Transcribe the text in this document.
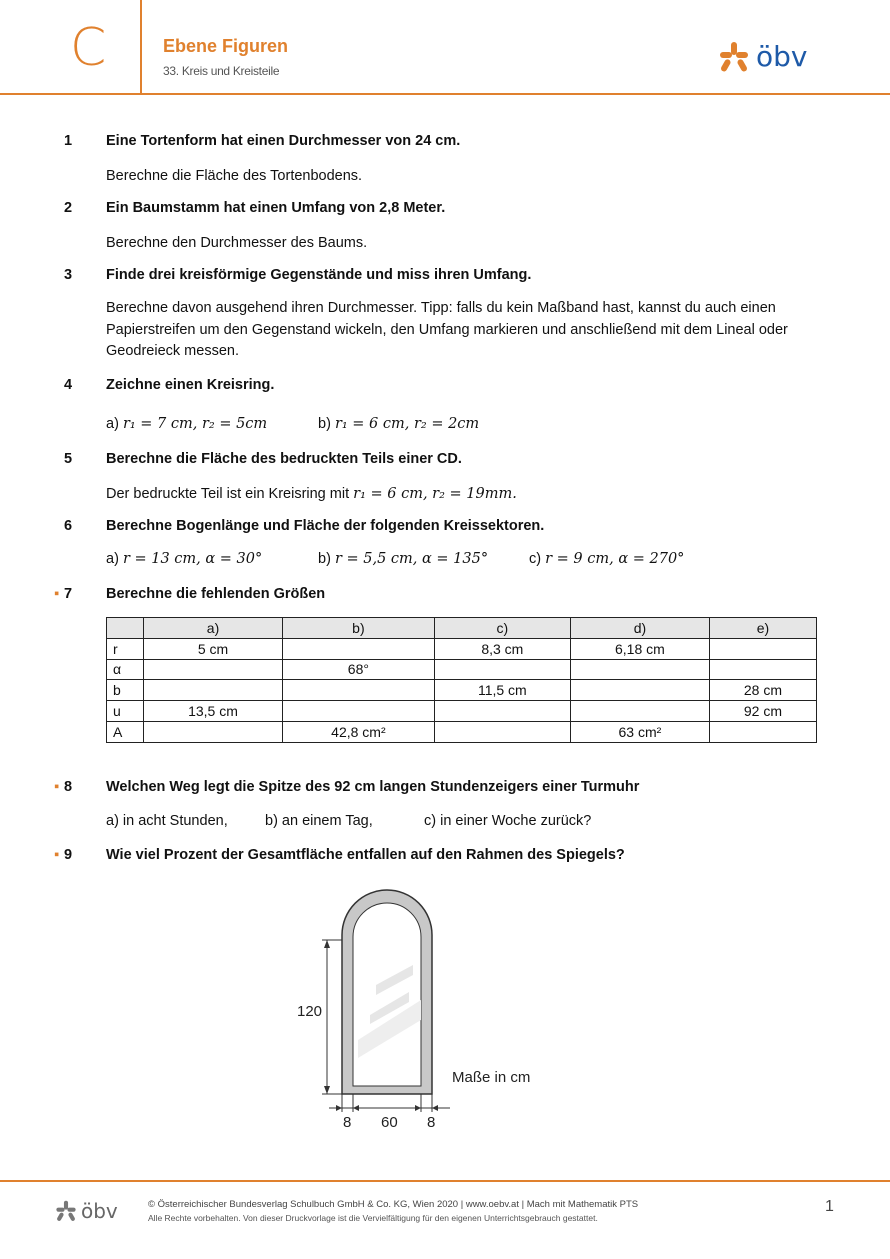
C	Ebene Figuren
33. Kreis und Kreisteile	öbv
1 Eine Tortenform hat einen Durchmesser von 24 cm.
Berechne die Fläche des Tortenbodens.
2 Ein Baumstamm hat einen Umfang von 2,8 Meter.
Berechne den Durchmesser des Baums.
3 Finde drei kreisförmige Gegenstände und miss ihren Umfang.
Berechne davon ausgehend ihren Durchmesser. Tipp: falls du kein Maßband hast, kannst du auch einen Papierstreifen um den Gegenstand wickeln, den Umfang markieren und anschließend mit dem Lineal oder Geodreieck messen.
4 Zeichne einen Kreisring.
a) r₁ = 7 cm, r₂ = 5cm	b) r₁ = 6 cm, r₂ = 2cm
5 Berechne die Fläche des bedruckten Teils einer CD.
Der bedruckte Teil ist ein Kreisring mit r₁ = 6 cm, r₂ = 19mm.
6 Berechne Bogenlänge und Fläche der folgenden Kreissektoren.
a) r = 13 cm, α = 30°	b) r = 5,5 cm, α = 135°	c) r = 9 cm, α = 270°
▪ 7 Berechne die fehlenden Größen
	a)	b)	c)	d)	e)
r	5 cm		8,3 cm	6,18 cm	
α		68°			
b			11,5 cm		28 cm
u	13,5 cm				92 cm
A		42,8 cm²		63 cm²	
▪ 8 Welchen Weg legt die Spitze des 92 cm langen Stundenzeigers einer Turmuhr
a) in acht Stunden,	b) an einem Tag,	c) in einer Woche zurück?
▪ 9 Wie viel Prozent der Gesamtfläche entfallen auf den Rahmen des Spiegels?
120
8 60 8
Maße in cm
öbv	© Österreichischer Bundesverlag Schulbuch GmbH & Co. KG, Wien 2020 | www.oebv.at | Mach mit Mathematik PTS
Alle Rechte vorbehalten. Von dieser Druckvorlage ist die Vervielfältigung für den eigenen Unterrichtsgebrauch gestattet.
1
